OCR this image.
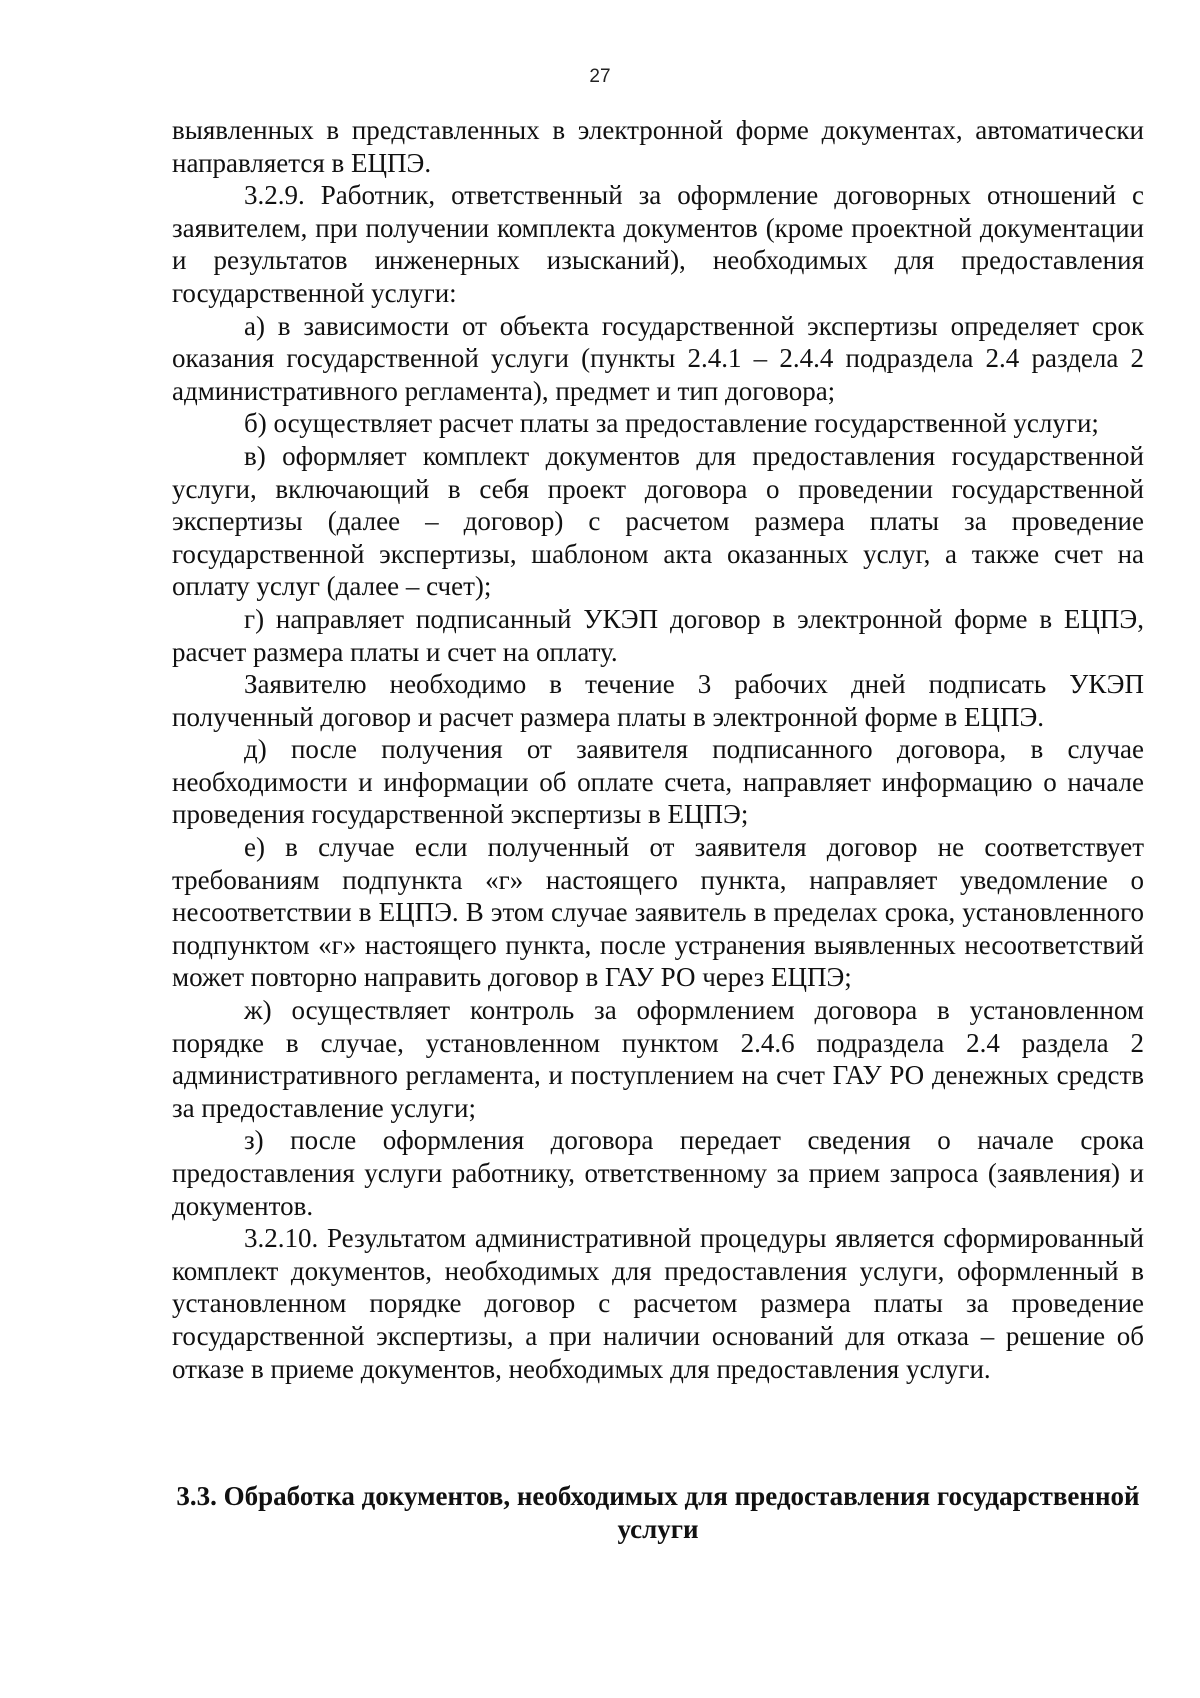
27

выявленных в представленных в электронной форме документах, автоматически направляется в ЕЦПЭ.

3.2.9. Работник, ответственный за оформление договорных отношений с заявителем, при получении комплекта документов (кроме проектной документации и результатов инженерных изысканий), необходимых для предоставления государственной услуги:

а) в зависимости от объекта государственной экспертизы определяет срок оказания государственной услуги (пункты 2.4.1 – 2.4.4 подраздела 2.4 раздела 2 административного регламента), предмет и тип договора;

б) осуществляет расчет платы за предоставление государственной услуги;

в) оформляет комплект документов для предоставления государственной услуги, включающий в себя проект договора о проведении государственной экспертизы (далее – договор) с расчетом размера платы за проведение государственной экспертизы, шаблоном акта оказанных услуг, а также счет на оплату услуг (далее – счет);

г) направляет подписанный УКЭП договор в электронной форме в ЕЦПЭ, расчет размера платы и счет на оплату.

Заявителю необходимо в течение 3 рабочих дней подписать УКЭП полученный договор и расчет размера платы в электронной форме в ЕЦПЭ.

д) после получения от заявителя подписанного договора, в случае необходимости и информации об оплате счета, направляет информацию о начале проведения государственной экспертизы в ЕЦПЭ;

е) в случае если полученный от заявителя договор не соответствует требованиям подпункта «г» настоящего пункта, направляет уведомление о несоответствии в ЕЦПЭ. В этом случае заявитель в пределах срока, установленного подпунктом «г» настоящего пункта, после устранения выявленных несоответствий может повторно направить договор в ГАУ РО через ЕЦПЭ;

ж) осуществляет контроль за оформлением договора в установленном порядке в случае, установленном пунктом 2.4.6 подраздела 2.4 раздела 2 административного регламента, и поступлением на счет ГАУ РО денежных средств за предоставление услуги;

з) после оформления договора передает сведения о начале срока предоставления услуги работнику, ответственному за прием запроса (заявления) и документов.

3.2.10. Результатом административной процедуры является сформированный комплект документов, необходимых для предоставления услуги, оформленный в установленном порядке договор с расчетом размера платы за проведение государственной экспертизы, а при наличии оснований для отказа – решение об отказе в приеме документов, необходимых для предоставления услуги.

3.3. Обработка документов, необходимых для предоставления государственной услуги
